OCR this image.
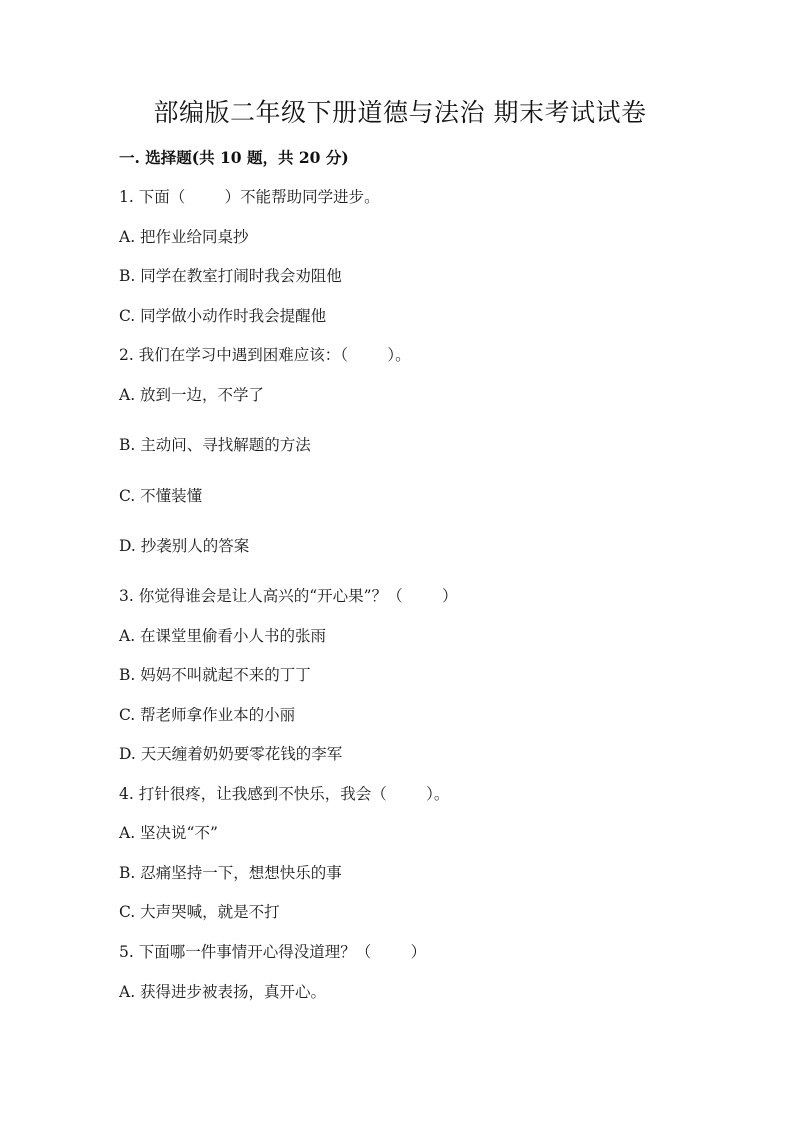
部编版二年级下册道德与法治 期末考试试卷
一. 选择题(共 10 题，共 20 分)
1. 下面（        ）不能帮助同学进步。
A. 把作业给同桌抄
B. 同学在教室打闹时我会劝阻他
C. 同学做小动作时我会提醒他
2. 我们在学习中遇到困难应该：（        ）。
A. 放到一边，不学了
B. 主动问、寻找解题的方法
C. 不懂装懂
D. 抄袭别人的答案
3. 你觉得谁会是让人高兴的“开心果”？（        ）
A. 在课堂里偷看小人书的张雨
B. 妈妈不叫就起不来的丁丁
C. 帮老师拿作业本的小丽
D. 天天缠着奶奶要零花钱的李军
4. 打针很疼，让我感到不快乐，我会（        ）。
A. 坚决说“不”
B. 忍痛坚持一下，想想快乐的事
C. 大声哭喊，就是不打
5. 下面哪一件事情开心得没道理？（        ）
A. 获得进步被表扬，真开心。
